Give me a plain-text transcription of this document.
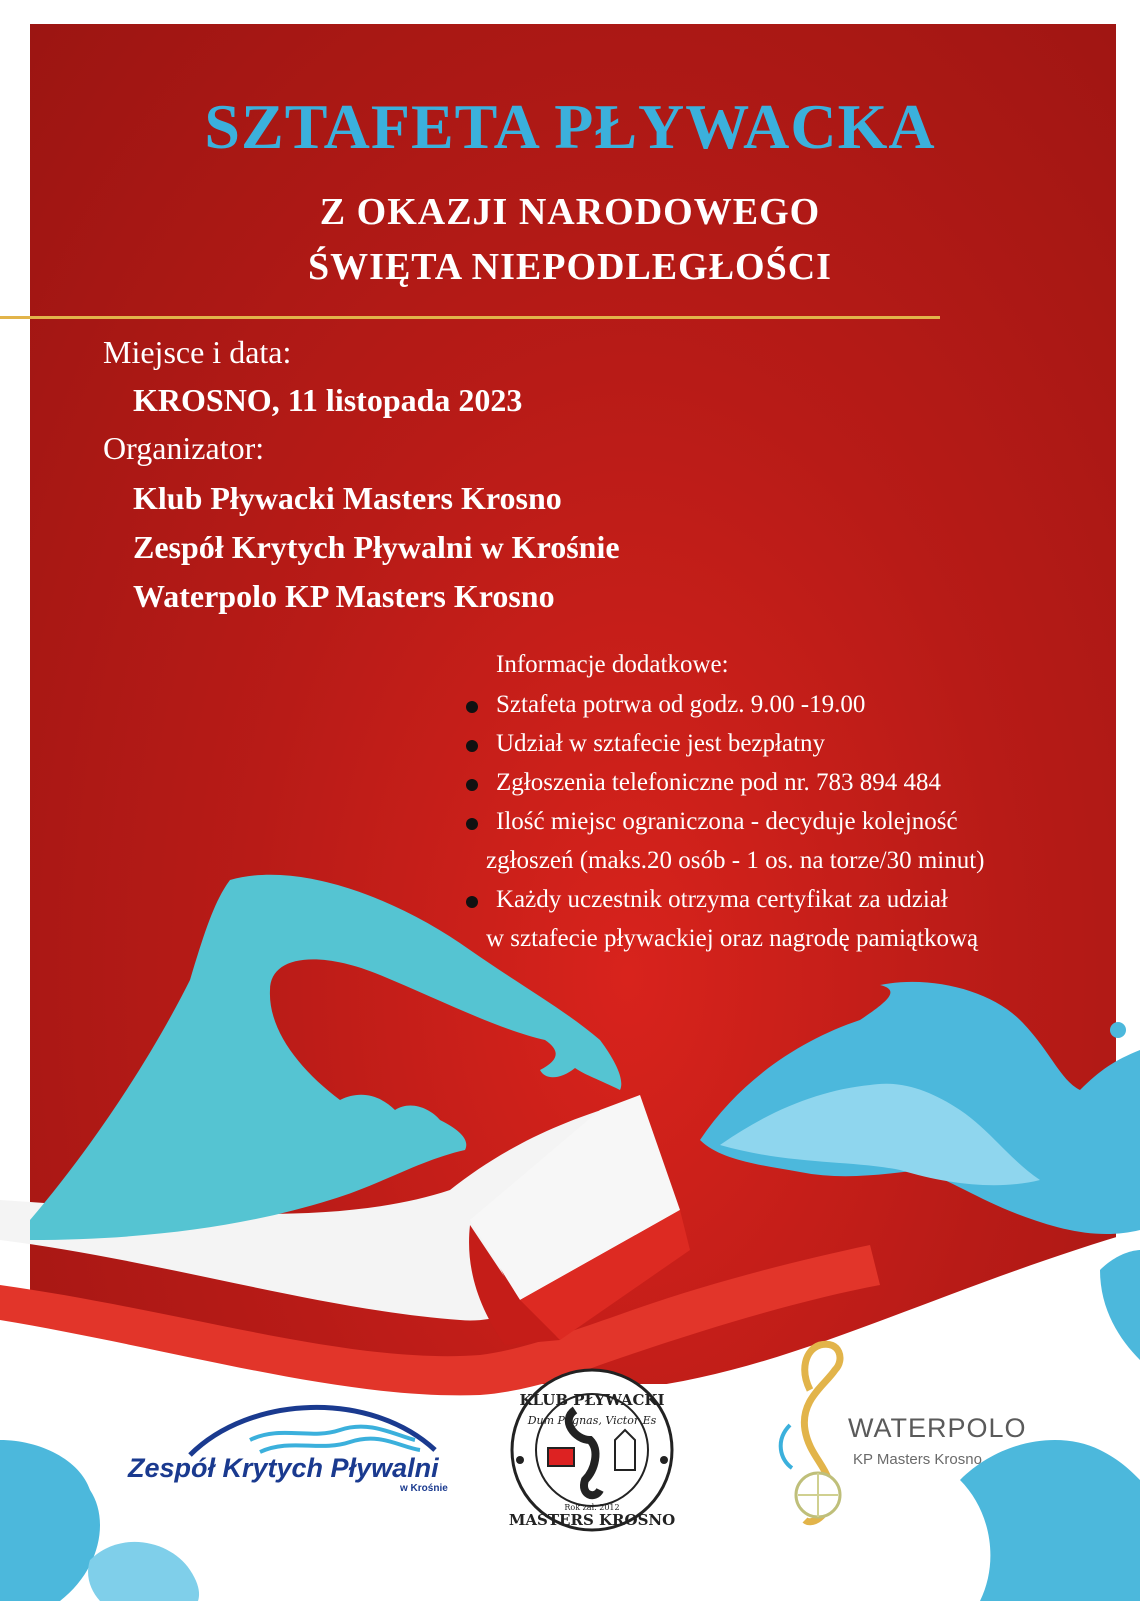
SZTAFETA PŁYWACKA
Z OKAZJI NARODOWEGO
ŚWIĘTA NIEPODLEGŁOŚCI
Miejsce i data:
KROSNO, 11 listopada 2023
Organizator:
Klub Pływacki Masters Krosno
Zespół Krytych Pływalni w Krośnie
Waterpolo KP Masters Krosno
Informacje dodatkowe:
Sztafeta potrwa od godz. 9.00 -19.00
Udział w sztafecie jest bezpłatny
Zgłoszenia telefoniczne pod nr. 783 894 484
Ilość miejsc ograniczona - decyduje kolejność
zgłoszeń (maks.20 osób - 1 os. na torze/30 minut)
Każdy uczestnik otrzyma certyfikat za udział
w sztafecie pływackiej oraz nagrodę pamiątkową
KLUB PŁYWACKI
Dum Pugnas, Victor Es
Rok zał. 2012
MASTERS KROSNO
Zespół Krytych Pływalni
w Krośnie
WATERPOLO
KP Masters Krosno
